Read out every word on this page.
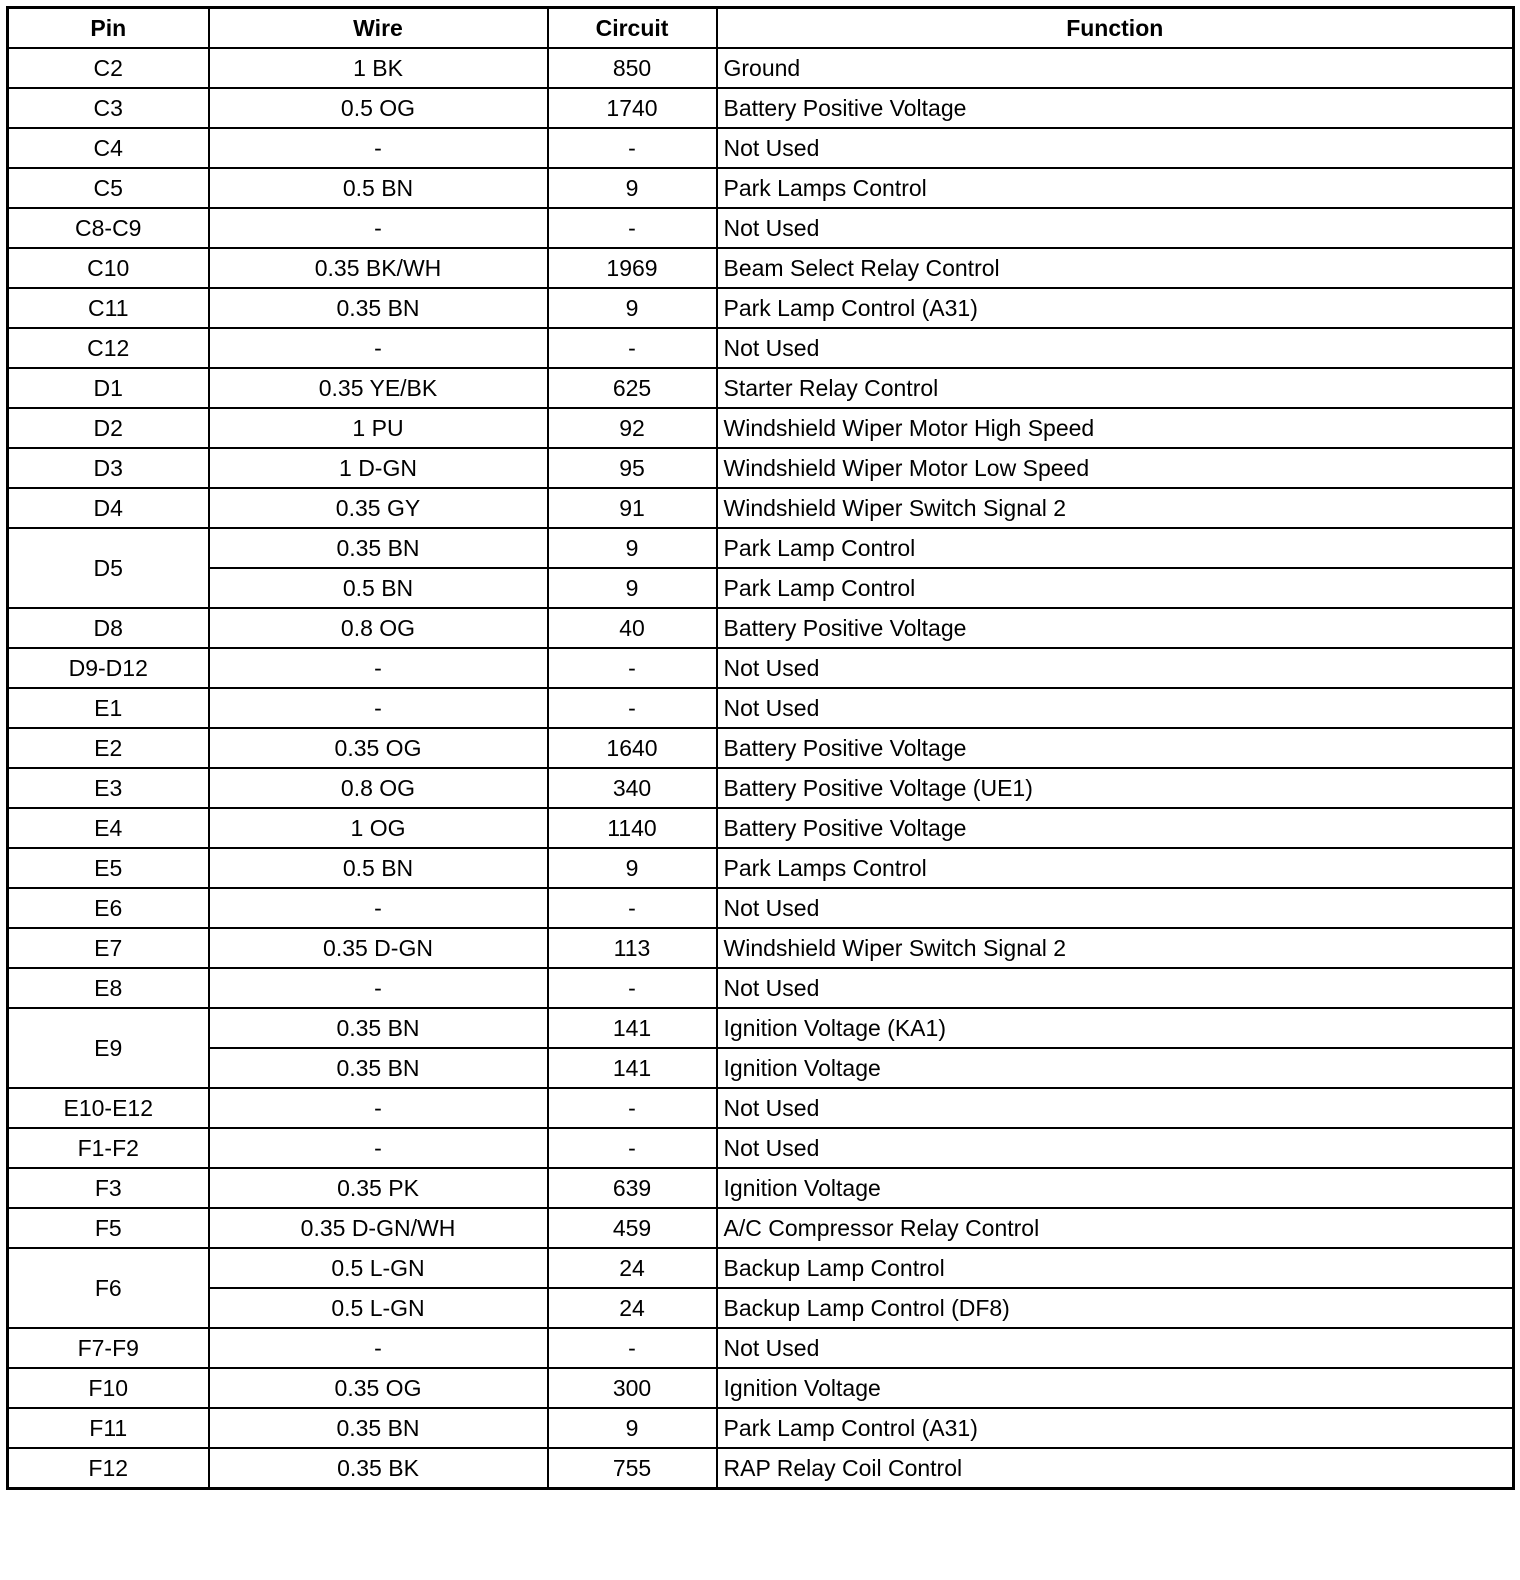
Pin	Wire	Circuit	Function
C2	1 BK	850	Ground
C3	0.5 OG	1740	Battery Positive Voltage
C4	-	-	Not Used
C5	0.5 BN	9	Park Lamps Control
C8-C9	-	-	Not Used
C10	0.35 BK/WH	1969	Beam Select Relay Control
C11	0.35 BN	9	Park Lamp Control (A31)
C12	-	-	Not Used
D1	0.35 YE/BK	625	Starter Relay Control
D2	1 PU	92	Windshield Wiper Motor High Speed
D3	1 D-GN	95	Windshield Wiper Motor Low Speed
D4	0.35 GY	91	Windshield Wiper Switch Signal 2
D5	0.35 BN	9	Park Lamp Control
	0.5 BN	9	Park Lamp Control
D8	0.8 OG	40	Battery Positive Voltage
D9-D12	-	-	Not Used
E1	-	-	Not Used
E2	0.35 OG	1640	Battery Positive Voltage
E3	0.8 OG	340	Battery Positive Voltage (UE1)
E4	1 OG	1140	Battery Positive Voltage
E5	0.5 BN	9	Park Lamps Control
E6	-	-	Not Used
E7	0.35 D-GN	113	Windshield Wiper Switch Signal 2
E8	-	-	Not Used
E9	0.35 BN	141	Ignition Voltage (KA1)
	0.35 BN	141	Ignition Voltage
E10-E12	-	-	Not Used
F1-F2	-	-	Not Used
F3	0.35 PK	639	Ignition Voltage
F5	0.35 D-GN/WH	459	A/C Compressor Relay Control
F6	0.5 L-GN	24	Backup Lamp Control
	0.5 L-GN	24	Backup Lamp Control (DF8)
F7-F9	-	-	Not Used
F10	0.35 OG	300	Ignition Voltage
F11	0.35 BN	9	Park Lamp Control (A31)
F12	0.35 BK	755	RAP Relay Coil Control
